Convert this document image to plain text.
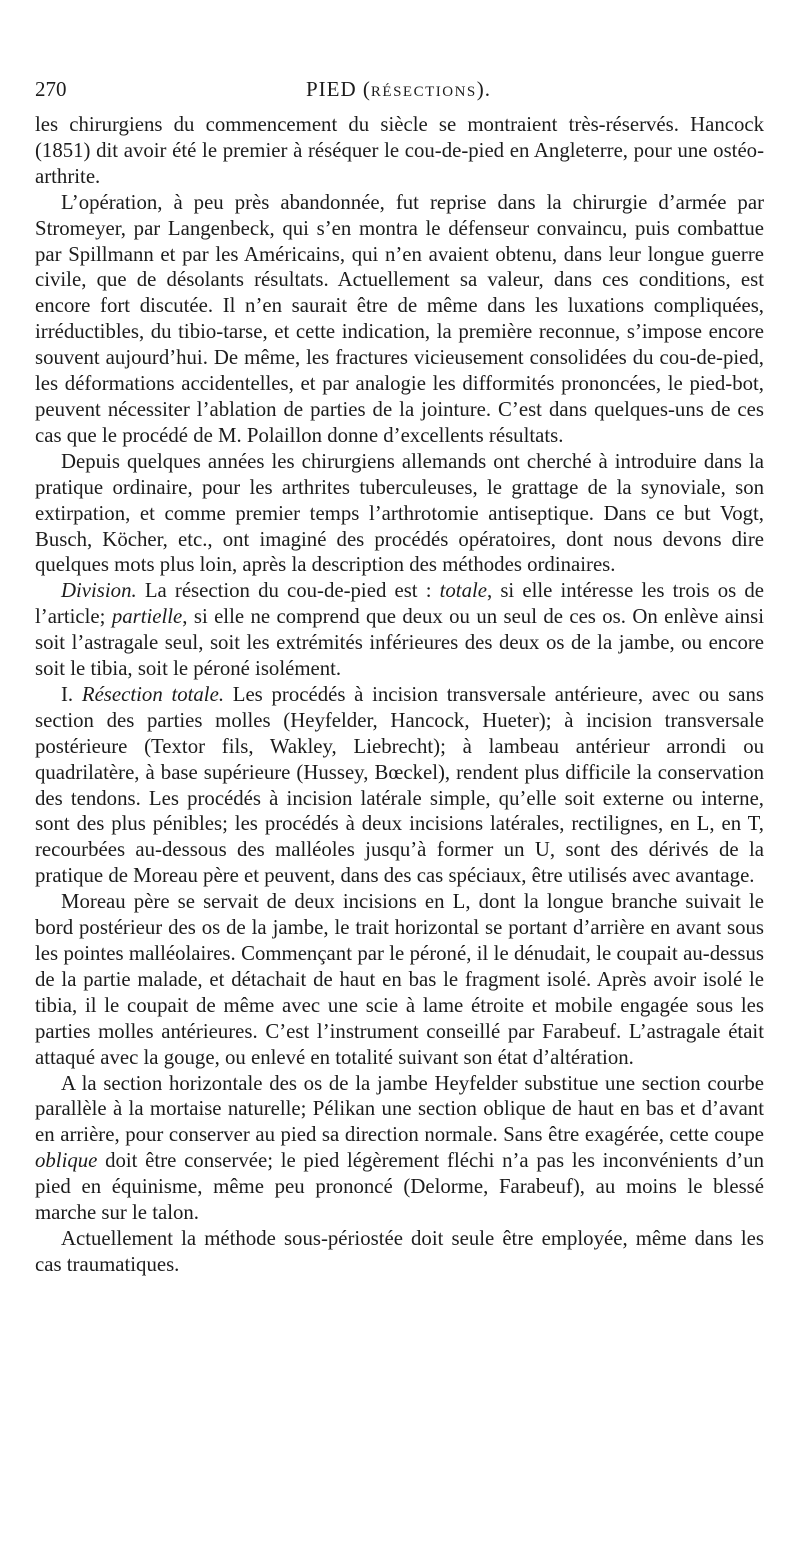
270	PIED (RÉSECTIONS).

les chirurgiens du commencement du siècle se montraient très-réservés. Hancock (1851) dit avoir été le premier à réséquer le cou-de-pied en Angleterre, pour une ostéo-arthrite.

L’opération, à peu près abandonnée, fut reprise dans la chirurgie d’armée par Stromeyer, par Langenbeck, qui s’en montra le défenseur convaincu, puis combattue par Spillmann et par les Américains, qui n’en avaient obtenu, dans leur longue guerre civile, que de désolants résultats. Actuellement sa valeur, dans ces conditions, est encore fort discutée. Il n’en saurait être de même dans les luxations compliquées, irréductibles, du tibio-tarse, et cette indication, la première reconnue, s’impose encore souvent aujourd’hui. De même, les fractures vicieusement consolidées du cou-de-pied, les déformations accidentelles, et par analogie les difformités prononcées, le pied-bot, peuvent nécessiter l’ablation de parties de la jointure. C’est dans quelques-uns de ces cas que le procédé de M. Polaillon donne d’excellents résultats.

Depuis quelques années les chirurgiens allemands ont cherché à introduire dans la pratique ordinaire, pour les arthrites tuberculeuses, le grattage de la synoviale, son extirpation, et comme premier temps l’arthrotomie antiseptique. Dans ce but Vogt, Busch, Köcher, etc., ont imaginé des procédés opératoires, dont nous devons dire quelques mots plus loin, après la description des méthodes ordinaires.

Division. La résection du cou-de-pied est : totale, si elle intéresse les trois os de l’article; partielle, si elle ne comprend que deux ou un seul de ces os. On enlève ainsi soit l’astragale seul, soit les extrémités inférieures des deux os de la jambe, ou encore soit le tibia, soit le péroné isolément.

I. Résection totale. Les procédés à incision transversale antérieure, avec ou sans section des parties molles (Heyfelder, Hancock, Hueter); à incision transversale postérieure (Textor fils, Wakley, Liebrecht); à lambeau antérieur arrondi ou quadrilatère, à base supérieure (Hussey, Bœckel), rendent plus difficile la conservation des tendons. Les procédés à incision latérale simple, qu’elle soit externe ou interne, sont des plus pénibles; les procédés à deux incisions latérales, rectilignes, en L, en T, recourbées au-dessous des malléoles jusqu’à former un U, sont des dérivés de la pratique de Moreau père et peuvent, dans des cas spéciaux, être utilisés avec avantage.

Moreau père se servait de deux incisions en L, dont la longue branche suivait le bord postérieur des os de la jambe, le trait horizontal se portant d’arrière en avant sous les pointes malléolaires. Commençant par le péroné, il le dénudait, le coupait au-dessus de la partie malade, et détachait de haut en bas le fragment isolé. Après avoir isolé le tibia, il le coupait de même avec une scie à lame étroite et mobile engagée sous les parties molles antérieures. C’est l’instrument conseillé par Farabeuf. L’astragale était attaqué avec la gouge, ou enlevé en totalité suivant son état d’altération.

A la section horizontale des os de la jambe Heyfelder substitue une section courbe parallèle à la mortaise naturelle; Pélikan une section oblique de haut en bas et d’avant en arrière, pour conserver au pied sa direction normale. Sans être exagérée, cette coupe oblique doit être conservée; le pied légèrement fléchi n’a pas les inconvénients d’un pied en équinisme, même peu prononcé (Delorme, Farabeuf), au moins le blessé marche sur le talon.

Actuellement la méthode sous-périostée doit seule être employée, même dans les cas traumatiques.
